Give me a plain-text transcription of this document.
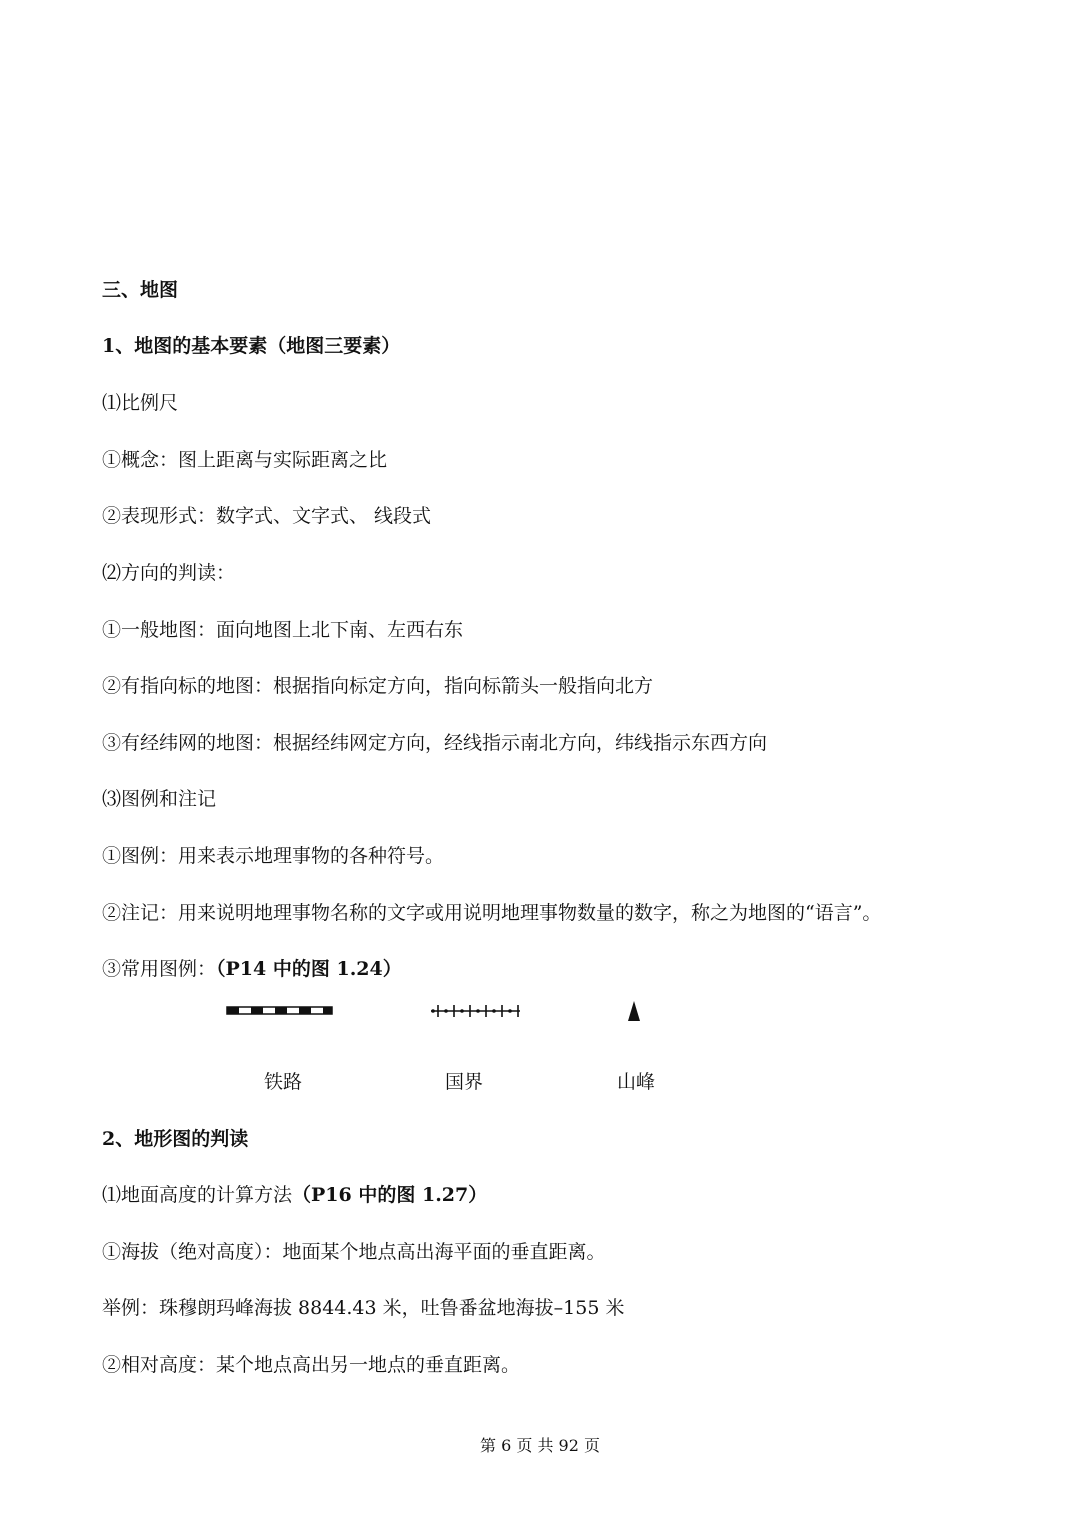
三、地图
1、地图的基本要素（地图三要素）
⑴比例尺
①概念：图上距离与实际距离之比
②表现形式：数字式、文字式、 线段式
⑵方向的判读：
①一般地图：面向地图上北下南、左西右东
②有指向标的地图：根据指向标定方向，指向标箭头一般指向北方
③有经纬网的地图：根据经纬网定方向，经线指示南北方向，纬线指示东西方向
⑶图例和注记
①图例：用来表示地理事物的各种符号。
②注记：用来说明地理事物名称的文字或用说明地理事物数量的数字，称之为地图的“语言”。
③常用图例：（P14 中的图 1.24）
铁路	国界	山峰
2、地形图的判读
⑴地面高度的计算方法（P16 中的图 1.27）
①海拔（绝对高度）：地面某个地点高出海平面的垂直距离。
举例：珠穆朗玛峰海拔 8844.43 米，吐鲁番盆地海拔–155 米
②相对高度：某个地点高出另一地点的垂直距离。
第 6 页 共 92 页
